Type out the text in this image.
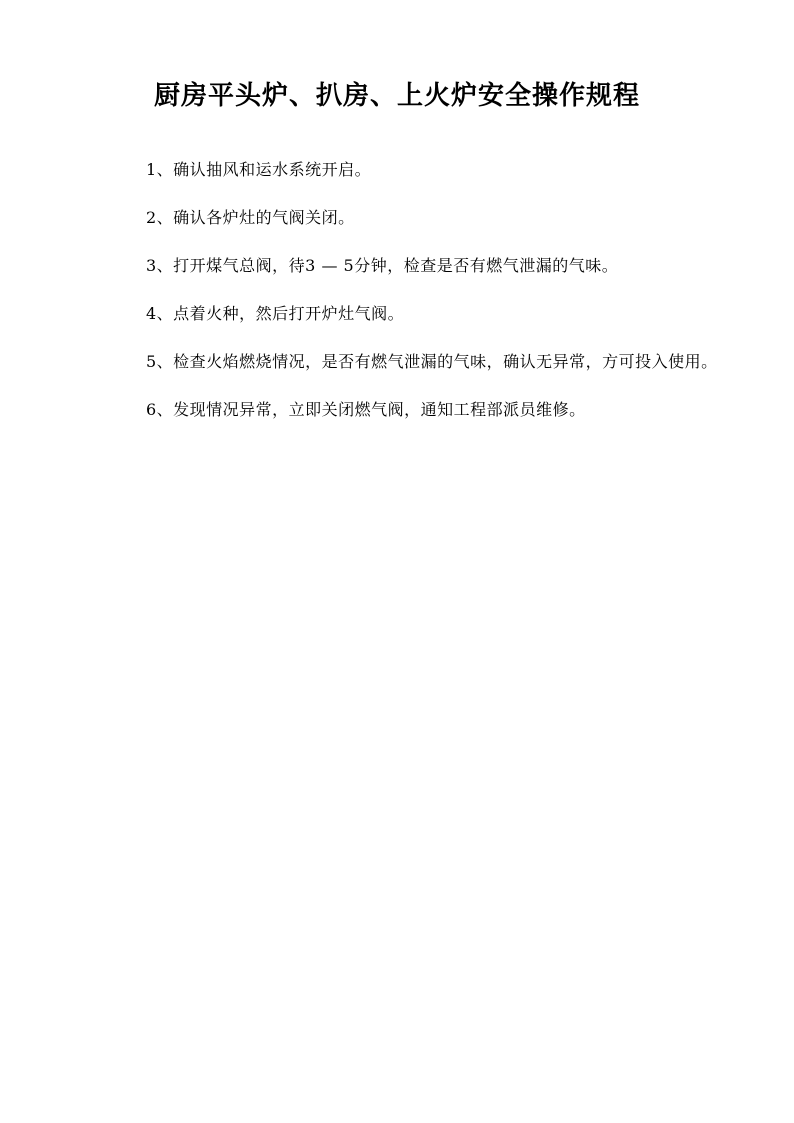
厨房平头炉、扒房、上火炉安全操作规程

1、确认抽风和运水系统开启。

2、确认各炉灶的气阀关闭。

3、打开煤气总阀，待3 — 5分钟，检查是否有燃气泄漏的气味。

4、点着火种，然后打开炉灶气阀。

5、检查火焰燃烧情况，是否有燃气泄漏的气味，确认无异常，方可投入使用。

6、发现情况异常，立即关闭燃气阀，通知工程部派员维修。
